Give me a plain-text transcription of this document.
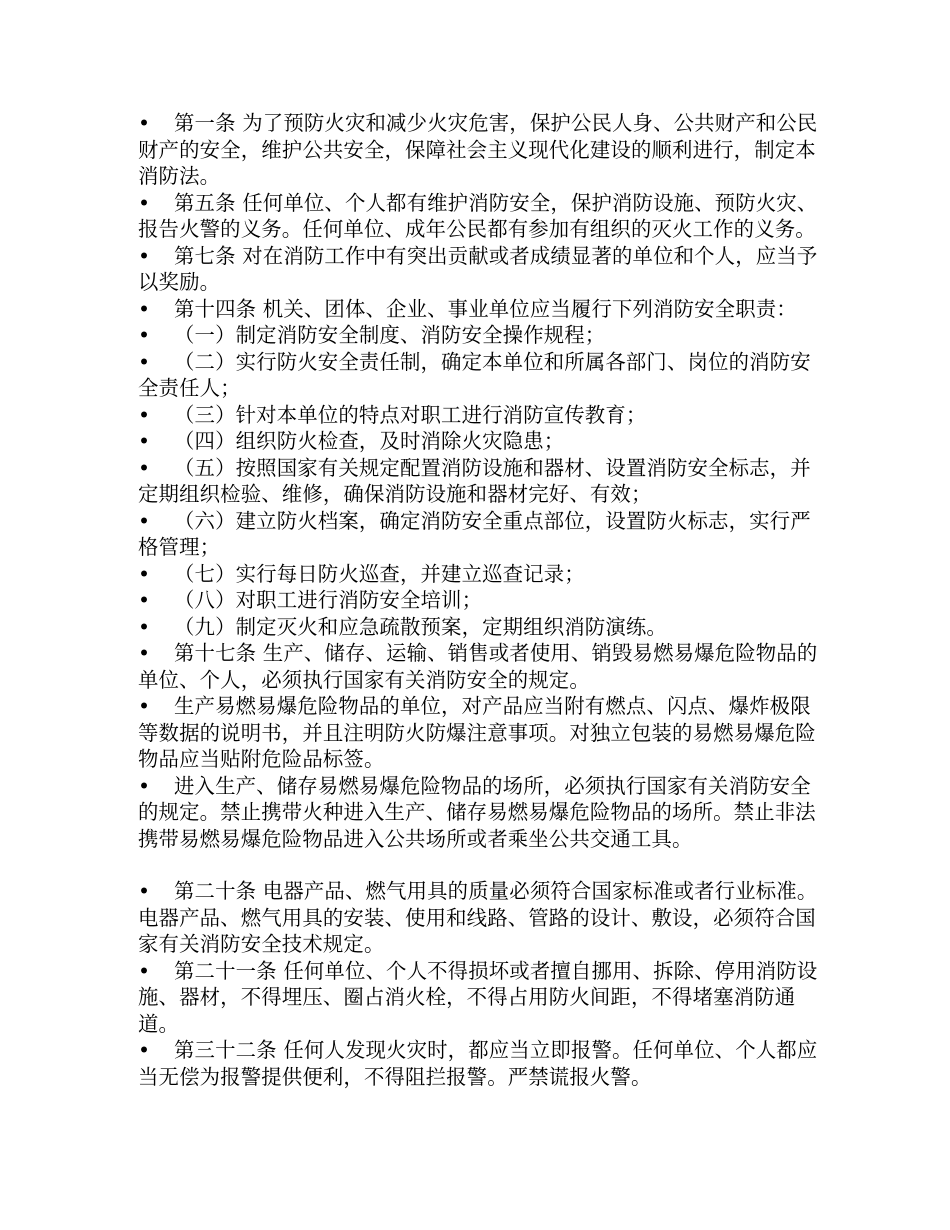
• 第一条 为了预防火灾和减少火灾危害，保护公民人身、公共财产和公民财产的安全，维护公共安全，保障社会主义现代化建设的顺利进行，制定本消防法。

• 第五条 任何单位、个人都有维护消防安全，保护消防设施、预防火灾、报告火警的义务。任何单位、成年公民都有参加有组织的灭火工作的义务。

• 第七条 对在消防工作中有突出贡献或者成绩显著的单位和个人，应当予以奖励。

• 第十四条 机关、团体、企业、事业单位应当履行下列消防安全职责：

• （一）制定消防安全制度、消防安全操作规程；

• （二）实行防火安全责任制，确定本单位和所属各部门、岗位的消防安全责任人；

• （三）针对本单位的特点对职工进行消防宣传教育；

• （四）组织防火检查，及时消除火灾隐患；

• （五）按照国家有关规定配置消防设施和器材、设置消防安全标志，并定期组织检验、维修，确保消防设施和器材完好、有效；

• （六）建立防火档案，确定消防安全重点部位，设置防火标志，实行严格管理；

• （七）实行每日防火巡查，并建立巡查记录；

• （八）对职工进行消防安全培训；

• （九）制定灭火和应急疏散预案，定期组织消防演练。

• 第十七条 生产、储存、运输、销售或者使用、销毁易燃易爆危险物品的单位、个人，必须执行国家有关消防安全的规定。

• 生产易燃易爆危险物品的单位，对产品应当附有燃点、闪点、爆炸极限等数据的说明书，并且注明防火防爆注意事项。对独立包装的易燃易爆危险物品应当贴附危险品标签。

• 进入生产、储存易燃易爆危险物品的场所，必须执行国家有关消防安全的规定。禁止携带火种进入生产、储存易燃易爆危险物品的场所。禁止非法携带易燃易爆危险物品进入公共场所或者乘坐公共交通工具。

• 第二十条 电器产品、燃气用具的质量必须符合国家标准或者行业标准。电器产品、燃气用具的安装、使用和线路、管路的设计、敷设，必须符合国家有关消防安全技术规定。

• 第二十一条 任何单位、个人不得损坏或者擅自挪用、拆除、停用消防设施、器材，不得埋压、圈占消火栓，不得占用防火间距，不得堵塞消防通道。

• 第三十二条 任何人发现火灾时，都应当立即报警。任何单位、个人都应当无偿为报警提供便利，不得阻拦报警。严禁谎报火警。
